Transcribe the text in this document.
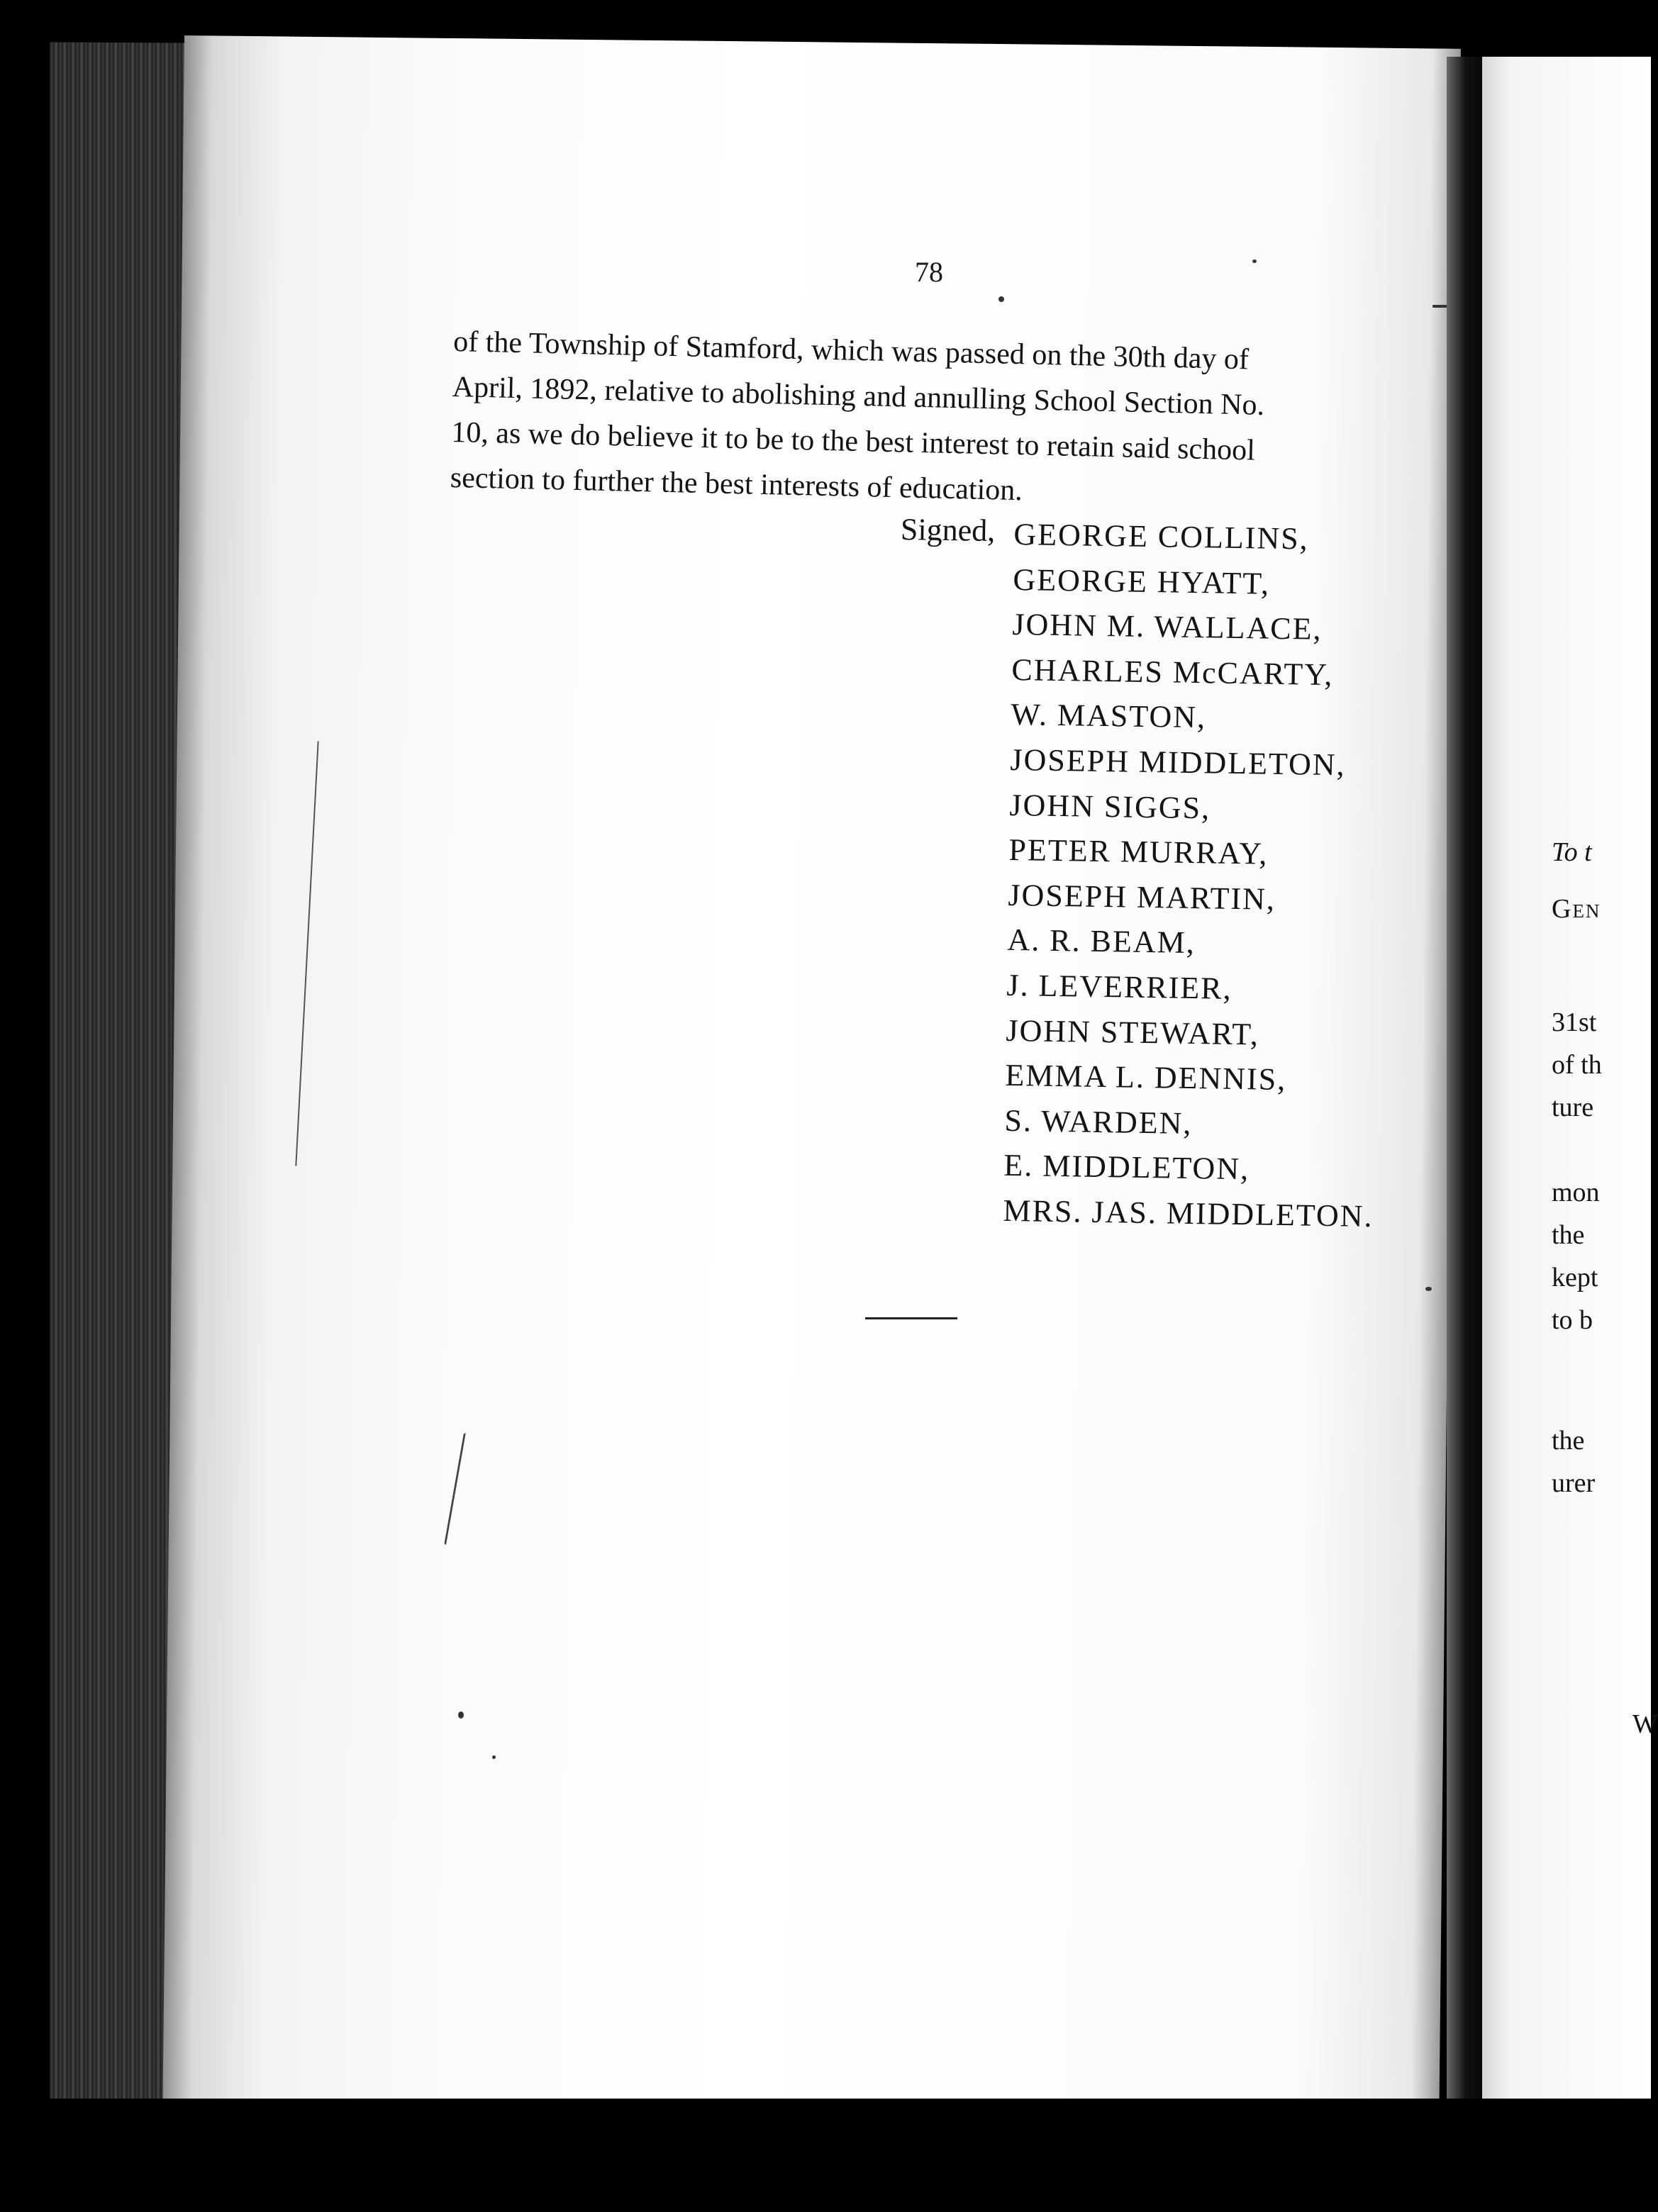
78
of the Township of Stamford, which was passed on the 30th day of
April, 1892, relative to abolishing and annulling School Section No.
10, as we do believe it to be to the best interest to retain said school
section to further the best interests of education.
Signed, GEORGE COLLINS,
GEORGE HYATT,
JOHN M. WALLACE,
CHARLES McCARTY,
W. MASTON,
JOSEPH MIDDLETON,
JOHN SIGGS,
PETER MURRAY,
JOSEPH MARTIN,
A. R. BEAM,
J. LEVERRIER,
JOHN STEWART,
EMMA L. DENNIS,
S. WARDEN,
E. MIDDLETON,
MRS. JAS. MIDDLETON.
To t
Gen
31st
of th
ture
mon
the
kept
to b
the
urer
W
